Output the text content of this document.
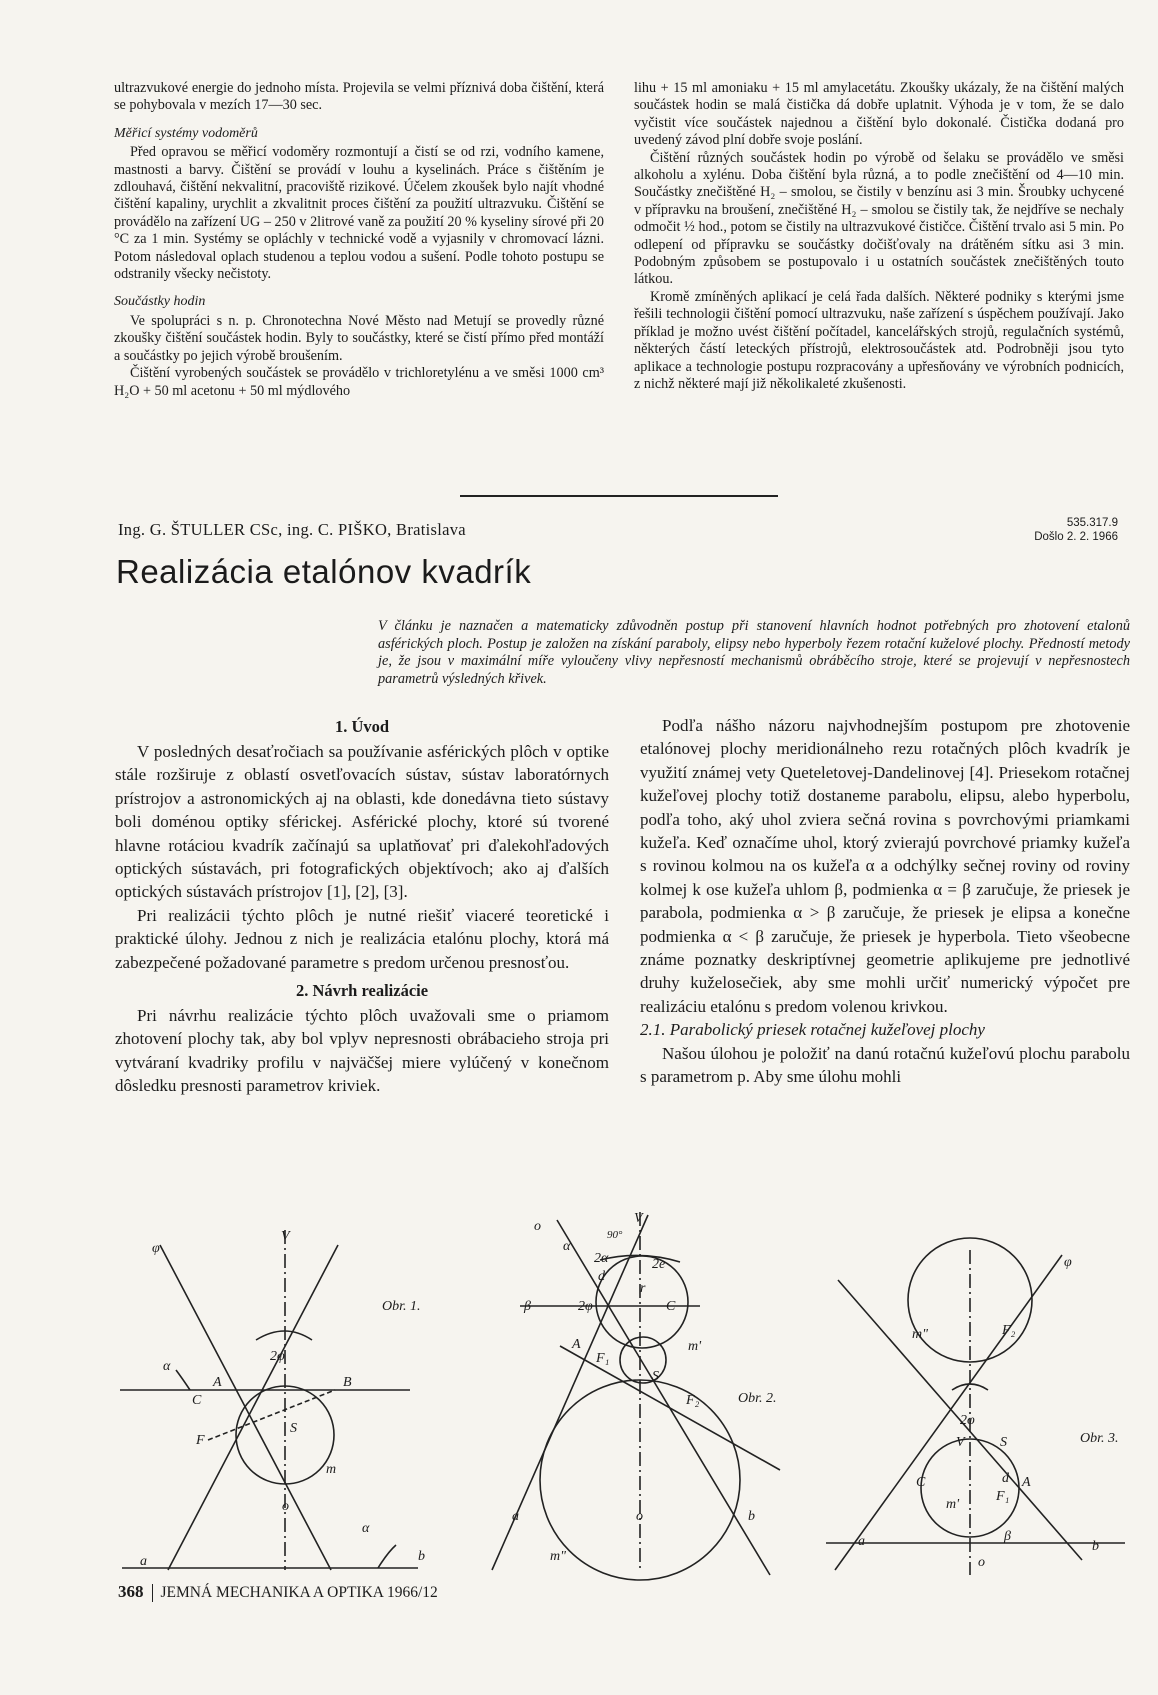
ultrazvukové energie do jednoho místa. Projevila se velmi příznivá doba čištění, která se pohybovala v mezích 17—30 sec.

Měřicí systémy vodoměrů

Před opravou se měřicí vodoměry rozmontují a čistí se od rzi, vodního kamene, mastnosti a barvy. Čištění se provádí v louhu a kyselinách. Práce s čištěním je zdlouhavá, čištění nekvalitní, pracoviště rizikové. Účelem zkoušek bylo najít vhodné čištění kapaliny, urychlit a zkvalitnit proces čištění za použití ultrazvuku. Čištění se provádělo na zařízení UG – 250 v 2litrové vaně za použití 20 % kyseliny sírové při 20 °C za 1 min. Systémy se opláchly v technické vodě a vyjasnily v chromovací lázni. Potom následoval oplach studenou a teplou vodou a sušení. Podle tohoto postupu se odstranily všecky nečistoty.

Součástky hodin

Ve spolupráci s n. p. Chronotechna Nové Město nad Metují se provedly různé zkoušky čištění součástek hodin. Byly to součástky, které se čistí přímo před montáží a součástky po jejich výrobě broušením.

Čištění vyrobených součástek se provádělo v trichloretylénu a ve směsi 1000 cm³ H₂O + 50 ml acetonu + 50 ml mýdlového

lihu + 15 ml amoniaku + 15 ml amylacetátu. Zkoušky ukázaly, že na čištění malých součástek hodin se malá čistička dá dobře uplatnit. Výhoda je v tom, že se dalo vyčistit více součástek najednou a čištění bylo dokonalé. Čistička dodaná pro uvedený závod plní dobře svoje poslání.

Čištění různých součástek hodin po výrobě od šelaku se provádělo ve směsi alkoholu a xylénu. Doba čištění byla různá, a to podle znečištění od 4—10 min. Součástky znečištěné H₂ – smolou, se čistily v benzínu asi 3 min. Šroubky uchycené v přípravku na broušení, znečištěné H₂ – smolou se čistily tak, že nejdříve se nechaly odmočit ½ hod., potom se čistily na ultrazvukové čističce. Čištění trvalo asi 5 min. Po odlepení od přípravku se součástky dočišťovaly na drátěném sítku asi 3 min. Podobným způsobem se postupovalo i u ostatních součástek znečištěných touto látkou.

Kromě zmíněných aplikací je celá řada dalších. Některé podniky s kterými jsme řešili technologii čištění pomocí ultrazvuku, naše zařízení s úspěchem používají. Jako příklad je možno uvést čištění počítadel, kancelářských strojů, regulačních systémů, některých částí leteckých přístrojů, elektrosoučástek atd. Podrobněji jsou tyto aplikace a technologie postupu rozpracovány a upřesňovány ve výrobních podnicích, z nichž některé mají již několikaleté zkušenosti.

Ing. G. ŠTULLER CSc, ing. C. PIŠKO, Bratislava	535.317.9
Došlo 2. 2. 1966
Realizácia etalónov kvadrík
V článku je naznačen a matematicky zdůvodněn postup při stanovení hlavních hodnot potřebných pro zhotovení etalonů asférických ploch. Postup je založen na získání paraboly, elipsy nebo hyperboly řezem rotační kuželové plochy. Předností metody je, že jsou v maximální míře vyloučeny vlivy nepřesností mechanismů obráběcího stroje, které se projevují v nepřesnostech parametrů výsledných křivek.
1. Úvod

V posledných desaťročiach sa používanie asférických plôch v optike stále rozširuje z oblastí osvetľovacích sústav, sústav laboratórnych prístrojov a astronomických aj na oblasti, kde donedávna tieto sústavy boli doménou optiky sférickej. Asférické plochy, ktoré sú tvorené hlavne rotáciou kvadrík začínajú sa uplatňovať pri ďalekohľadových optických sústavách, pri fotografických objektívoch; ako aj ďalších optických sústavách prístrojov [1], [2], [3].

Pri realizácii týchto plôch je nutné riešiť viaceré teoretické i praktické úlohy. Jednou z nich je realizácia etalónu plochy, ktorá má zabezpečené požadované parametre s predom určenou presnosťou.

2. Návrh realizácie

Pri návrhu realizácie týchto plôch uvažovali sme o priamom zhotovení plochy tak, aby bol vplyv nepresnosti obrábacieho stroja pri vytváraní kvadriky profilu v najväčšej miere vylúčený v konečnom dôsledku presnosti parametrov kriviek.

Podľa nášho názoru najvhodnejším postupom pre zhotovenie etalónovej plochy meridionálneho rezu rotačných plôch kvadrík je využití známej vety Queteletovej-Dandelinovej [4]. Priesekom rotačnej kužeľovej plochy totiž dostaneme parabolu, elipsu, alebo hyperbolu, podľa toho, aký uhol zviera sečná rovina s povrchovými priamkami kužeľa. Keď označíme uhol, ktorý zvierajú povrchové priamky kužeľa s rovinou kolmou na os kužeľa α a odchýlky sečnej roviny od roviny kolmej k ose kužeľa uhlom β, podmienka α = β zaručuje, že priesek je parabola, podmienka α > β zaručuje, že priesek je elipsa a konečne podmienka α < β zaručuje, že priesek je hyperbola. Tieto všeobecne známe poznatky deskriptívnej geometrie aplikujeme pre jednotlivé druhy kuželosečiek, aby sme mohli určiť numerický výpočet pre realizáciu etalónu s predom volenou krivkou.

2.1. Parabolický priesek rotačnej kužeľovej plochy

Našou úlohou je položiť na danú rotačnú kužeľovú plochu parabolu s parametrom p. Aby sme úlohu mohli

V
φ
2φ
α
A	B
C
S
F
m
o
α
a	b
Obr. 1.
o
V
90°
α
2α	2e
d
r
β	2φ	C
A
F₁
m'
S
F₂
a	o	b
m"
Obr. 2.
φ
m"	F₂
2φ
V	S
d
C	A
m'
F₁
β
a
o
b
Obr. 3.
368 JEMNÁ MECHANIKA A OPTIKA 1966/12
